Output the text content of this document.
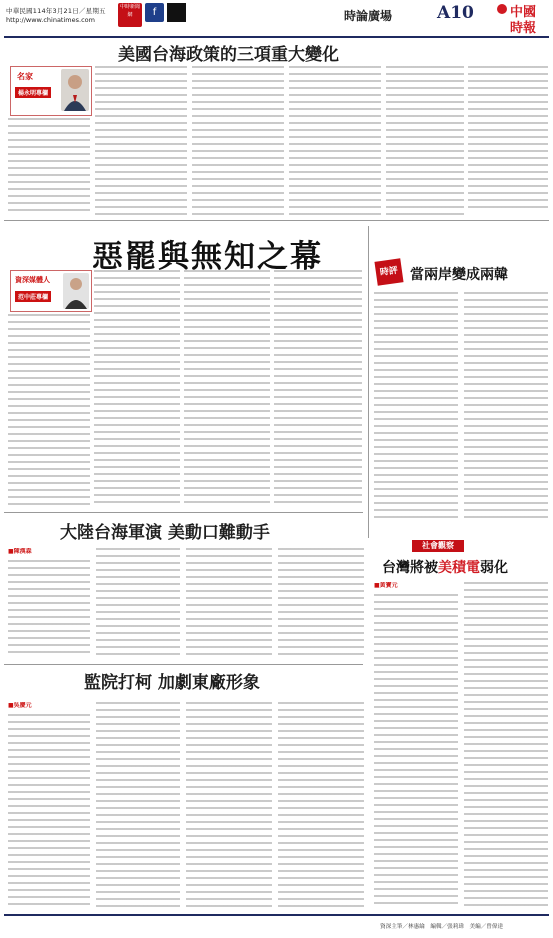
中華民國114年3月21日／星期五
http://www.chinatimes.com
中時新聞網	f	時論廣場	A10	中國
時報
美國台海政策的三項重大變化
名家
楊永明專欄
惡罷與無知之幕
資深媒體人
范中莊專欄
時評 當兩岸變成兩韓
大陸台海軍演 美動口難動手
■陳漢森
社會觀察
台灣將被美積電弱化
■黃寶元
監院打柯 加劇東廠形象
■吳慶元
資深主筆／林惠綸　編輯／張莉瑋　美編／曾偉達
